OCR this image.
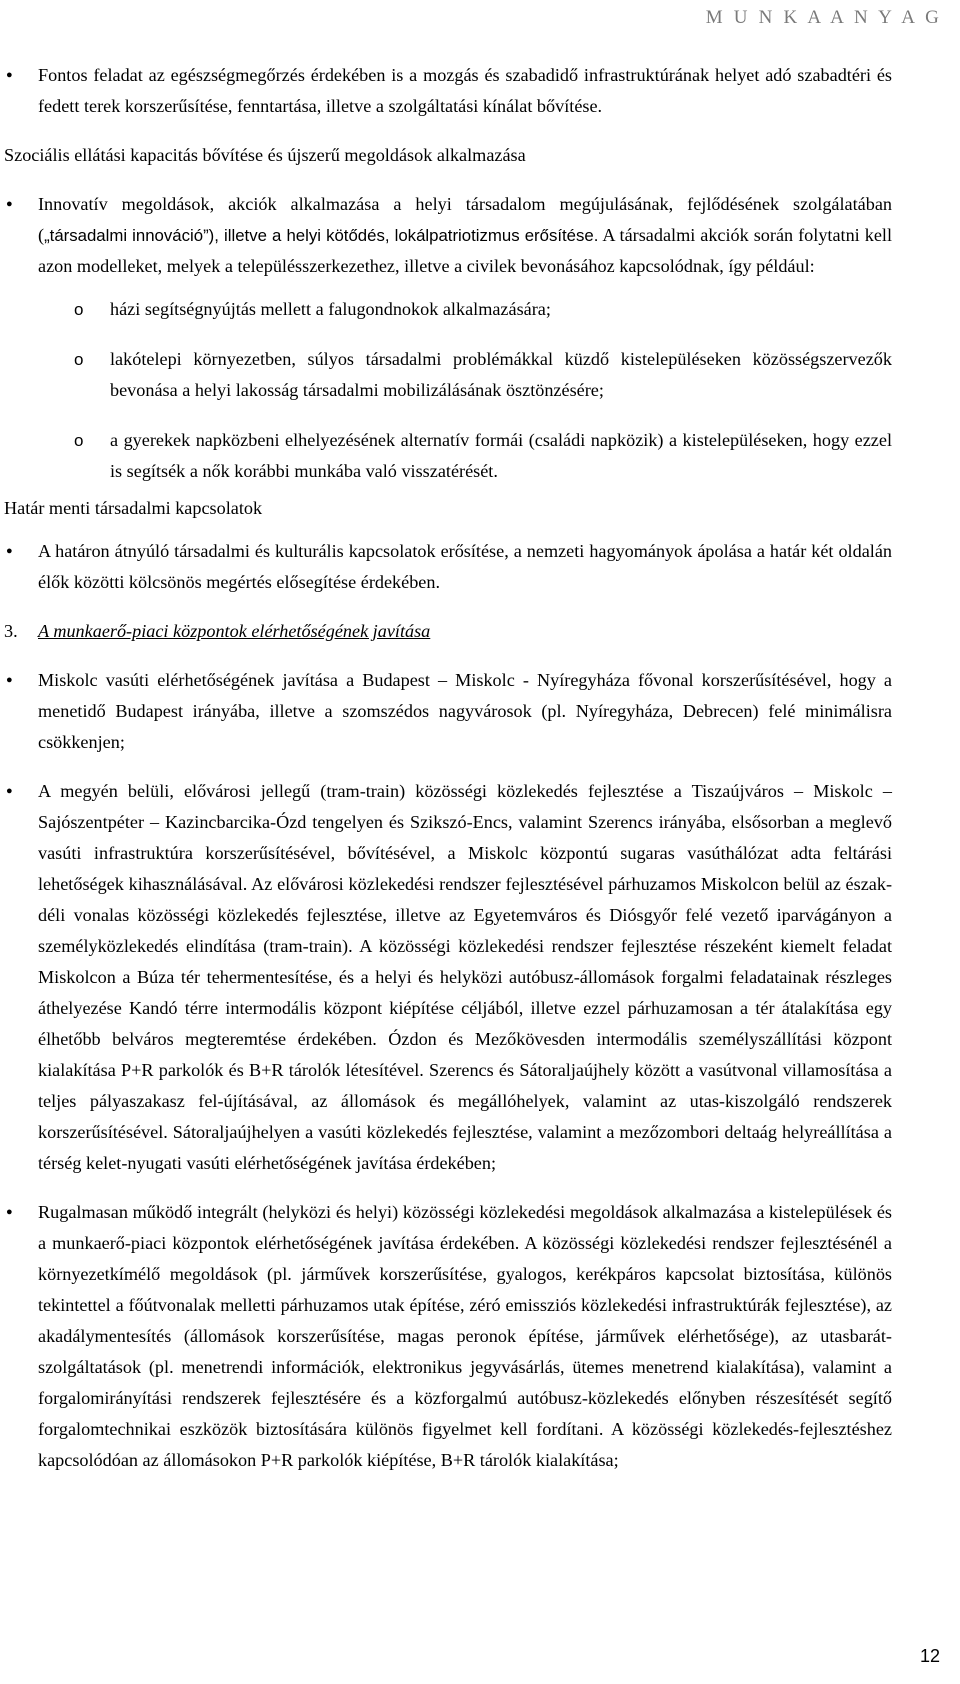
M U N K A A N Y A G
● Fontos feladat az egészségmegőrzés érdekében is a mozgás és szabadidő infrastruktúrának helyet adó szabadtéri és fedett terek korszerűsítése, fenntartása, illetve a szolgáltatási kínálat bővítése.
Szociális ellátási kapacitás bővítése és újszerű megoldások alkalmazása
● Innovatív megoldások, akciók alkalmazása a helyi társadalom megújulásának, fejlődésének szolgálatában („társadalmi innováció”), illetve a helyi kötődés, lokálpatriotizmus erősítése. A társadalmi akciók során folytatni kell azon modelleket, melyek a településszerkezethez, illetve a civilek bevonásához kapcsolódnak, így például:
o házi segítségnyújtás mellett a falugondnokok alkalmazására;
o lakótelepi környezetben, súlyos társadalmi problémákkal küzdő kistelepüléseken közösségszervezők bevonása a helyi lakosság társadalmi mobilizálásának ösztönzésére;
o a gyerekek napközbeni elhelyezésének alternatív formái (családi napközik) a kistelepüléseken, hogy ezzel is segítsék a nők korábbi munkába való visszatérését.
Határ menti társadalmi kapcsolatok
● A határon átnyúló társadalmi és kulturális kapcsolatok erősítése, a nemzeti hagyományok ápolása a határ két oldalán élők közötti kölcsönös megértés elősegítése érdekében.
3. A munkaerő-piaci központok elérhetőségének javítása
● Miskolc vasúti elérhetőségének javítása a Budapest – Miskolc - Nyíregyháza fővonal korszerűsítésével, hogy a menetidő Budapest irányába, illetve a szomszédos nagyvárosok (pl. Nyíregyháza, Debrecen) felé minimálisra csökkenjen;
● A megyén belüli, elővárosi jellegű (tram-train) közösségi közlekedés fejlesztése a Tiszaújváros – Miskolc – Sajószentpéter – Kazincbarcika-Ózd tengelyen és Szikszó-Encs, valamint Szerencs irányába, elsősorban a meglevő vasúti infrastruktúra korszerűsítésével, bővítésével, a Miskolc központú sugaras vasúthálózat adta feltárási lehetőségek kihasználásával. Az elővárosi közlekedési rendszer fejlesztésével párhuzamos Miskolcon belül az észak-déli vonalas közösségi közlekedés fejlesztése, illetve az Egyetemváros és Diósgyőr felé vezető iparvágányon a személyközlekedés elindítása (tram-train). A közösségi közlekedési rendszer fejlesztése részeként kiemelt feladat Miskolcon a Búza tér tehermentesítése, és a helyi és helyközi autóbusz-állomások forgalmi feladatainak részleges áthelyezése Kandó térre intermodális központ kiépítése céljából, illetve ezzel párhuzamosan a tér átalakítása egy élhetőbb belváros megteremtése érdekében. Ózdon és Mezőkövesden intermodális személyszállítási központ kialakítása P+R parkolók és B+R tárolók létesítével. Szerencs és Sátoraljaújhely között a vasútvonal villamosítása a teljes pályaszakasz fel-újításával, az állomások és megállóhelyek, valamint az utas-kiszolgáló rendszerek korszerűsítésével. Sátoraljaújhelyen a vasúti közlekedés fejlesztése, valamint a mezőzombori deltaág helyreállítása a térség kelet-nyugati vasúti elérhetőségének javítása érdekében;
● Rugalmasan működő integrált (helyközi és helyi) közösségi közlekedési megoldások alkalmazása a kistelepülések és a munkaerő-piaci központok elérhetőségének javítása érdekében. A közösségi közlekedési rendszer fejlesztésénél a környezetkímélő megoldások (pl. járművek korszerűsítése, gyalogos, kerékpáros kapcsolat biztosítása, különös tekintettel a főútvonalak melletti párhuzamos utak építése, zéró emissziós közlekedési infrastruktúrák fejlesztése), az akadálymentesítés (állomások korszerűsítése, magas peronok építése, járművek elérhetősége), az utasbarát-szolgáltatások (pl. menetrendi információk, elektronikus jegyvásárlás, ütemes menetrend kialakítása), valamint a forgalomirányítási rendszerek fejlesztésére és a közforgalmú autóbusz-közlekedés előnyben részesítését segítő forgalomtechnikai eszközök biztosítására különös figyelmet kell fordítani. A közösségi közlekedés-fejlesztéshez kapcsolódóan az állomásokon P+R parkolók kiépítése, B+R tárolók kialakítása;
12
